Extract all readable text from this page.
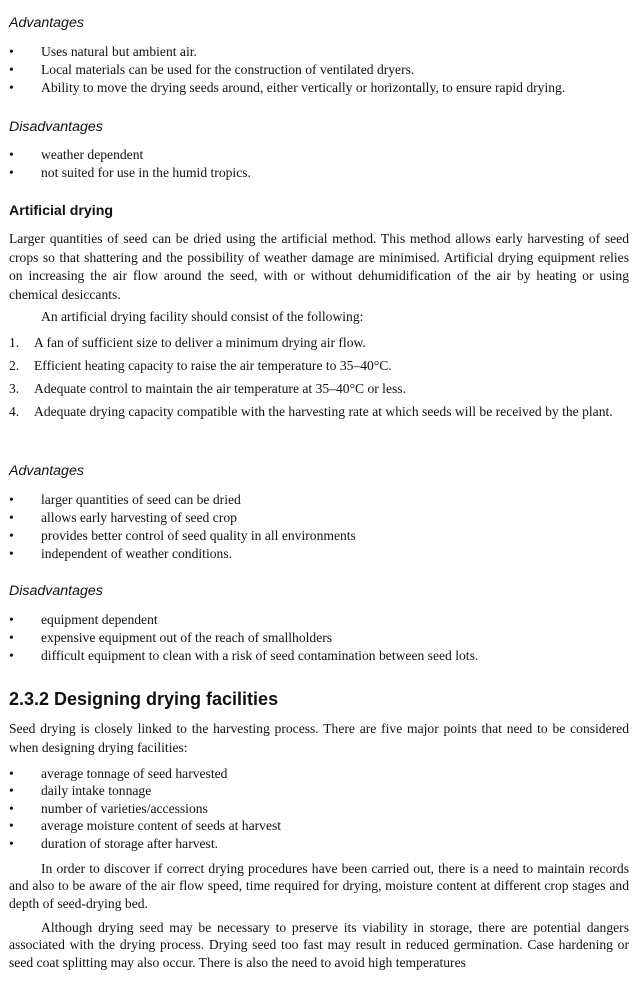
Advantages
•	Uses natural but ambient air.
•	Local materials can be used for the construction of ventilated dryers.
•	Ability to move the drying seeds around, either vertically or horizontally, to ensure rapid drying.
Disadvantages
•	weather dependent
•	not suited for use in the humid tropics.
Artificial drying

Larger quantities of seed can be dried using the artificial method. This method allows early harvesting of seed crops so that shattering and the possibility of weather damage are minimised. Artificial drying equipment relies on increasing the air flow around the seed, with or without dehumidification of the air by heating or using chemical desiccants.

An artificial drying facility should consist of the following:

1. A fan of sufficient size to deliver a minimum drying air flow.
2. Efficient heating capacity to raise the air temperature to 35–40°C.
3. Adequate control to maintain the air temperature at 35–40°C or less.
4. Adequate drying capacity compatible with the harvesting rate at which seeds will be received by the plant.
Advantages
•	larger quantities of seed can be dried
•	allows early harvesting of seed crop
•	provides better control of seed quality in all environments
•	independent of weather conditions.
Disadvantages
•	equipment dependent
•	expensive equipment out of the reach of smallholders
•	difficult equipment to clean with a risk of seed contamination between seed lots.
2.3.2 Designing drying facilities
Seed drying is closely linked to the harvesting process. There are five major points that need to be considered when designing drying facilities:
•	average tonnage of seed harvested
•	daily intake tonnage
•	number of varieties/accessions
•	average moisture content of seeds at harvest
•	duration of storage after harvest.

In order to discover if correct drying procedures have been carried out, there is a need to maintain records and also to be aware of the air flow speed, time required for drying, moisture content at different crop stages and depth of seed-drying bed.

Although drying seed may be necessary to preserve its viability in storage, there are potential dangers associated with the drying process. Drying seed too fast may result in reduced germination. Case hardening or seed coat splitting may also occur. There is also the need to avoid high temperatures
